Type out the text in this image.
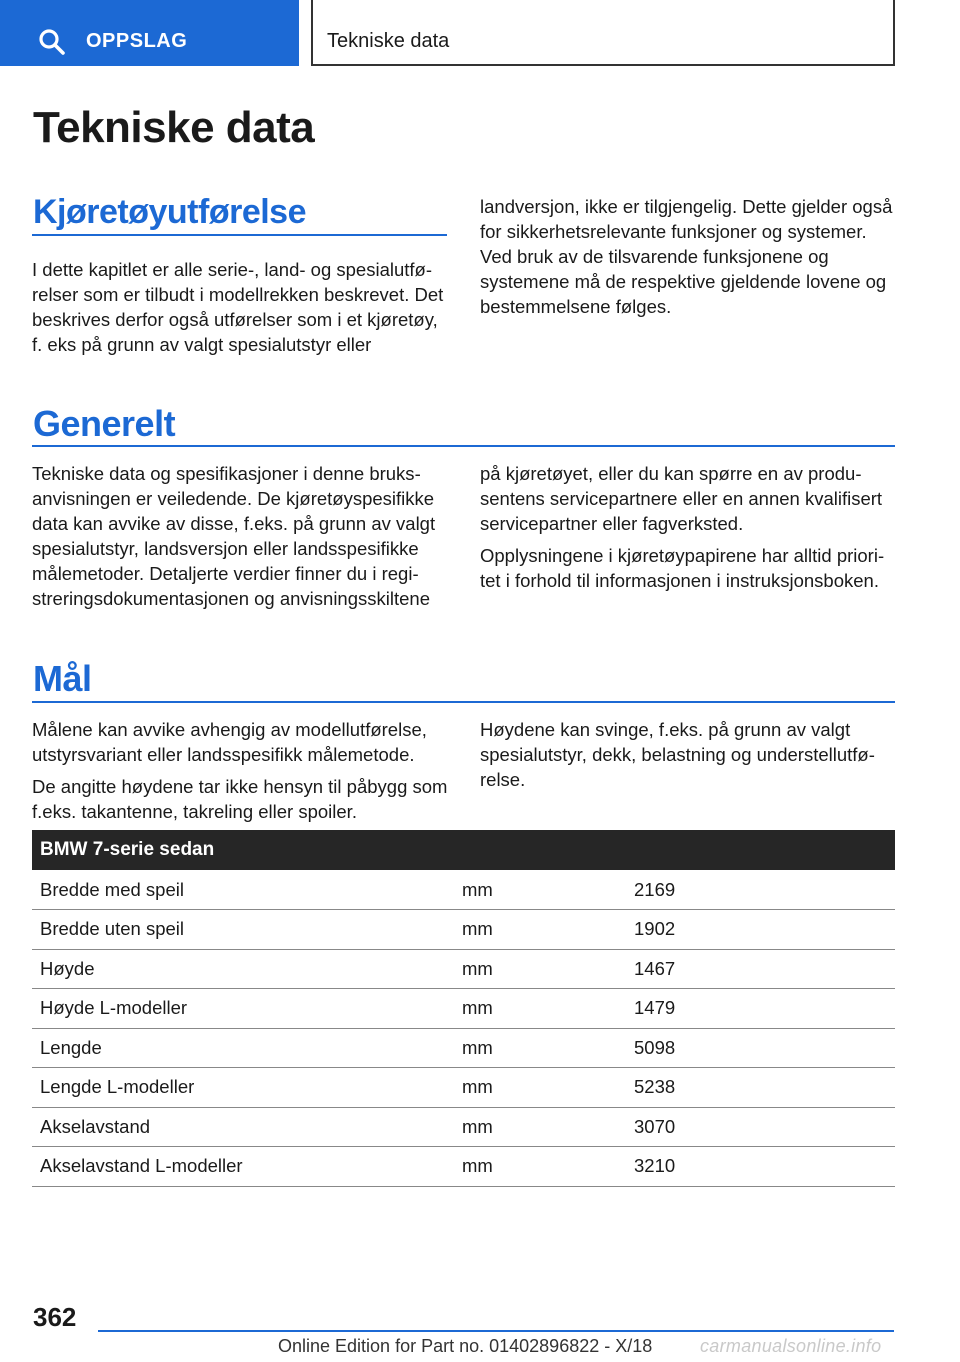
OPPSLAG	Tekniske data
Tekniske data
Kjøretøyutførelse

I dette kapitlet er alle serie-, land- og spesialutførelser som er tilbudt i modellrekken beskrevet. Det beskrives derfor også utførelser som i et kjøretøy, f. eks på grunn av valgt spesialutstyr eller

landversjon, ikke er tilgjengelig. Dette gjelder også for sikkerhetsrelevante funksjoner og systemer. Ved bruk av de tilsvarende funksjonene og systemene må de respektive gjeldende lovene og bestemmelsene følges.

Generelt

Tekniske data og spesifikasjoner i denne bruksanvisningen er veiledende. De kjøretøyspesifikke data kan avvike av disse, f.eks. på grunn av valgt spesialutstyr, landsversjon eller landsspesifikke målemetoder. Detaljerte verdier finner du i registreringsdokumentasjonen og anvisningsskiltene

på kjøretøyet, eller du kan spørre en av produsentens servicepartnere eller en annen kvalifisert servicepartner eller fagverksted.

Opplysningene i kjøretøypapirene har alltid prioritet i forhold til informasjonen i instruksjonsboken.

Mål

Målene kan avvike avhengig av modellutførelse, utstyrsvariant eller landsspesifikk målemetode.

De angitte høydene tar ikke hensyn til påbygg som f.eks. takantenne, takreling eller spoiler.

Høydene kan svinge, f.eks. på grunn av valgt spesialutstyr, dekk, belastning og understellutførelse.

BMW 7-serie sedan		
Bredde med speil	mm	2169
Bredde uten speil	mm	1902
Høyde	mm	1467
Høyde L-modeller	mm	1479
Lengde	mm	5098
Lengde L-modeller	mm	5238
Akselavstand	mm	3070
Akselavstand L-modeller	mm	3210
362
Online Edition for Part no. 01402896822 - X/18	carmanualsonline.info
